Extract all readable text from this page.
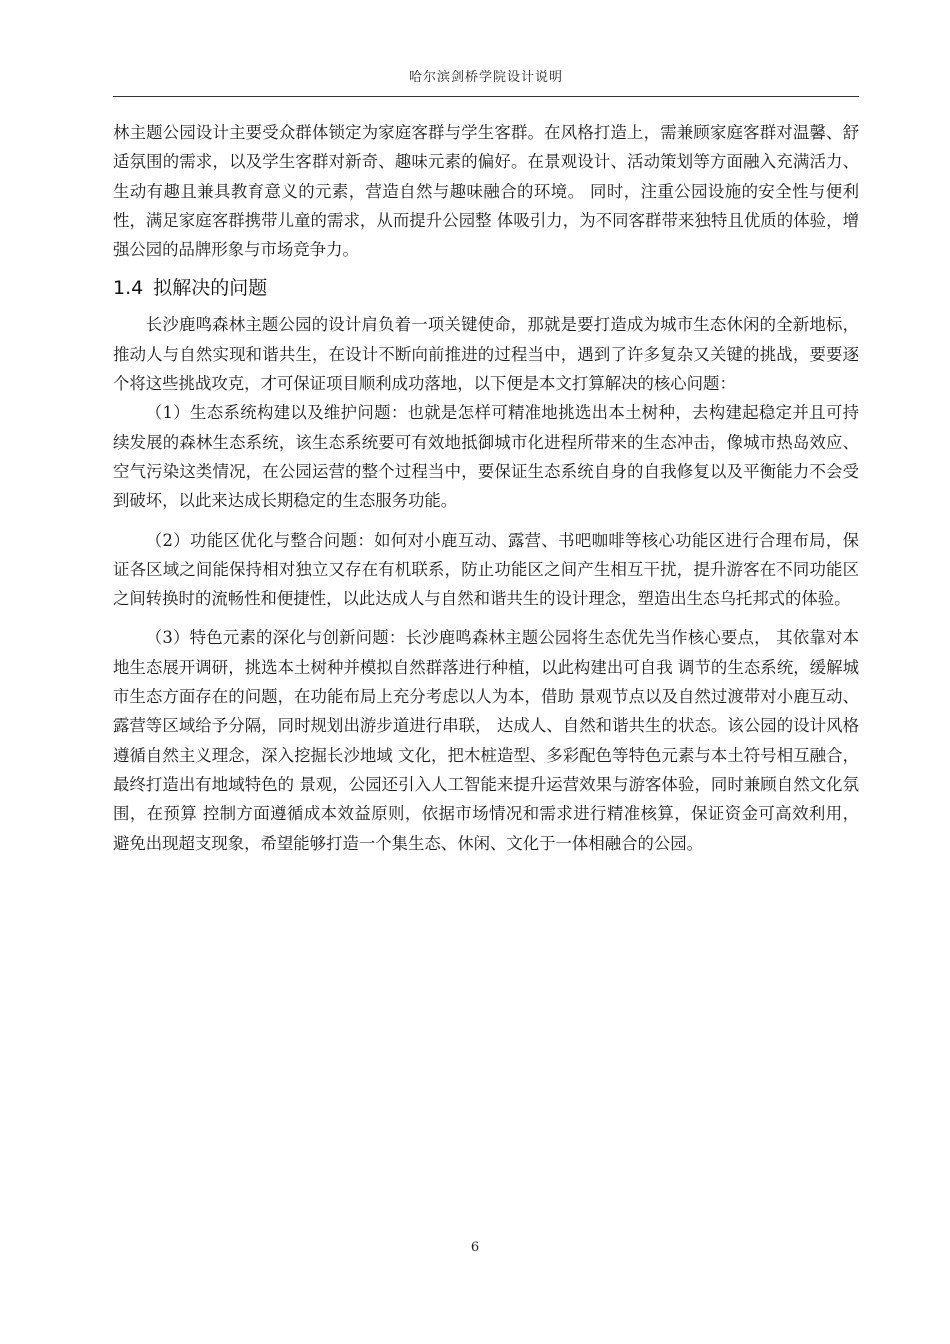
哈尔滨剑桥学院设计说明

林主题公园设计主要受众群体锁定为家庭客群与学生客群。在风格打造上，需兼顾家庭客群对温馨、舒适氛围的需求，以及学生客群对新奇、趣味元素的偏好。在景观设计、活动策划等方面融入充满活力、生动有趣且兼具教育意义的元素，营造自然与趣味融合的环境。 同时，注重公园设施的安全性与便利性，满足家庭客群携带儿童的需求，从而提升公园整 体吸引力，为不同客群带来独特且优质的体验，增强公园的品牌形象与市场竞争力。

1.4 拟解决的问题

长沙鹿鸣森林主题公园的设计肩负着一项关键使命，那就是要打造成为城市生态休闲的全新地标，推动人与自然实现和谐共生，在设计不断向前推进的过程当中，遇到了许多复杂又关键的挑战，要要逐个将这些挑战攻克，才可保证项目顺利成功落地，以下便是本文打算解决的核心问题：

（1）生态系统构建以及维护问题：也就是怎样可精准地挑选出本土树种，去构建起稳定并且可持续发展的森林生态系统，该生态系统要可有效地抵御城市化进程所带来的生态冲击，像城市热岛效应、空气污染这类情况，在公园运营的整个过程当中，要保证生态系统自身的自我修复以及平衡能力不会受到破坏，以此来达成长期稳定的生态服务功能。

（2）功能区优化与整合问题：如何对小鹿互动、露营、书吧咖啡等核心功能区进行合理布局，保证各区域之间能保持相对独立又存在有机联系，防止功能区之间产生相互干扰，提升游客在不同功能区之间转换时的流畅性和便捷性，以此达成人与自然和谐共生的设计理念，塑造出生态乌托邦式的体验。

（3）特色元素的深化与创新问题：长沙鹿鸣森林主题公园将生态优先当作核心要点， 其依靠对本地生态展开调研，挑选本土树种并模拟自然群落进行种植，以此构建出可自我 调节的生态系统，缓解城市生态方面存在的问题，在功能布局上充分考虑以人为本，借助 景观节点以及自然过渡带对小鹿互动、露营等区域给予分隔，同时规划出游步道进行串联， 达成人、自然和谐共生的状态。该公园的设计风格遵循自然主义理念，深入挖掘长沙地域 文化，把木桩造型、多彩配色等特色元素与本土符号相互融合，最终打造出有地域特色的 景观，公园还引入人工智能来提升运营效果与游客体验，同时兼顾自然文化氛围，在预算 控制方面遵循成本效益原则，依据市场情况和需求进行精准核算，保证资金可高效利用， 避免出现超支现象，希望能够打造一个集生态、休闲、文化于一体相融合的公园。

6
